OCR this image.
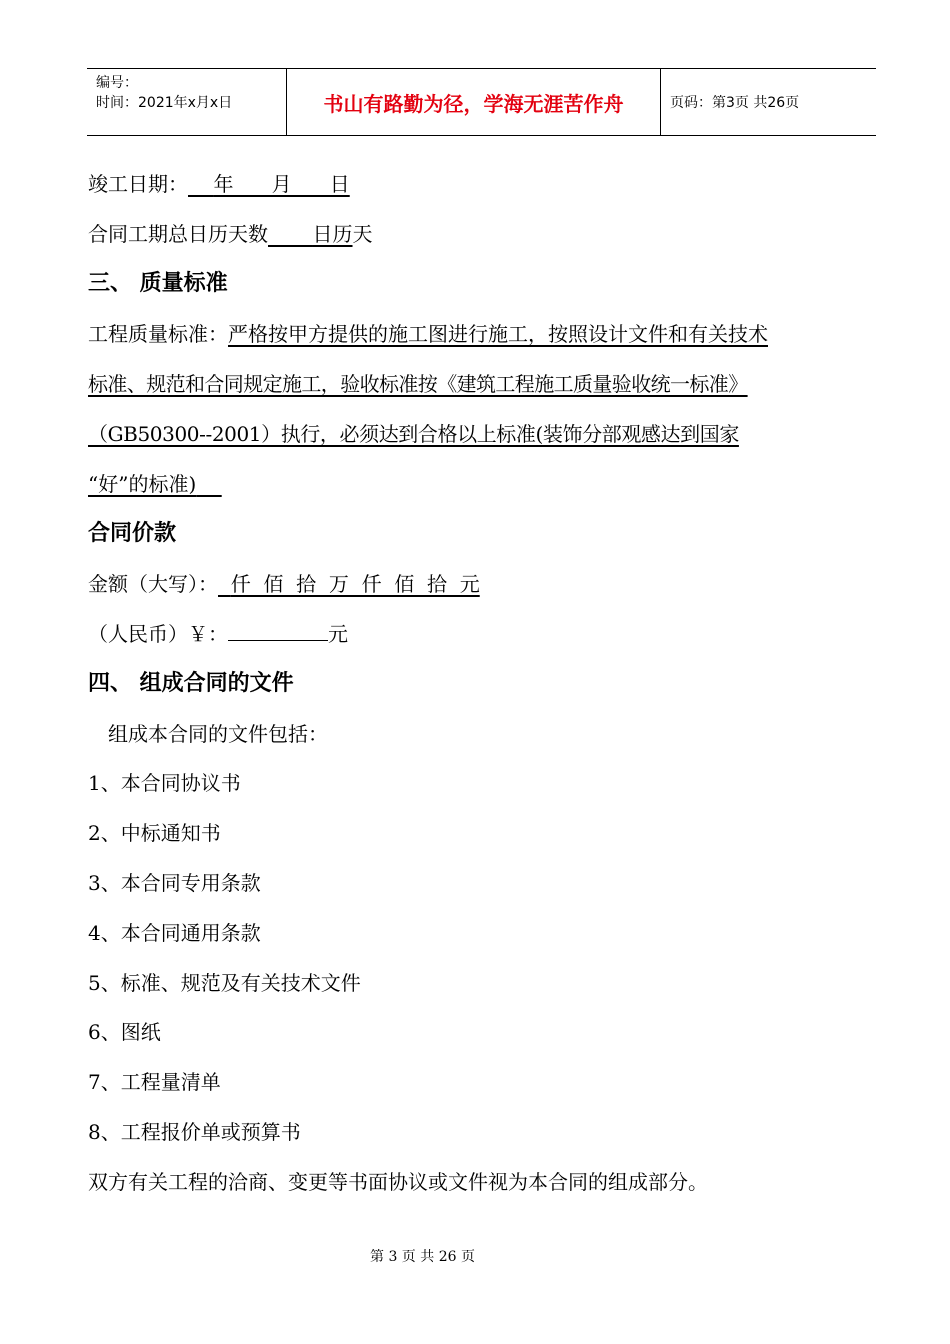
编号：
时间：2021年x月x日	书山有路勤为径，学海无涯苦作舟	页码：第3页 共26页
竣工日期： 年      月      日
合同工期总日历天数 日历天
三、 质量标准
工程质量标准：严格按甲方提供的施工图进行施工，按照设计文件和有关技术
标准、规范和合同规定施工，验收标准按《建筑工程施工质量验收统一标准》
（GB50300--2001）执行，必须达到合格以上标准(装饰分部观感达到国家
“好”的标准)
合同价款
金额（大写）： 仟  佰  拾  万  仟  佰  拾  元
（人民币）￥：	元
四、 组成合同的文件
组成本合同的文件包括：
1、本合同协议书
2、中标通知书
3、本合同专用条款
4、本合同通用条款
5、标准、规范及有关技术文件
6、图纸
7、工程量清单
8、工程报价单或预算书
双方有关工程的洽商、变更等书面协议或文件视为本合同的组成部分。
第 3 页 共 26 页
